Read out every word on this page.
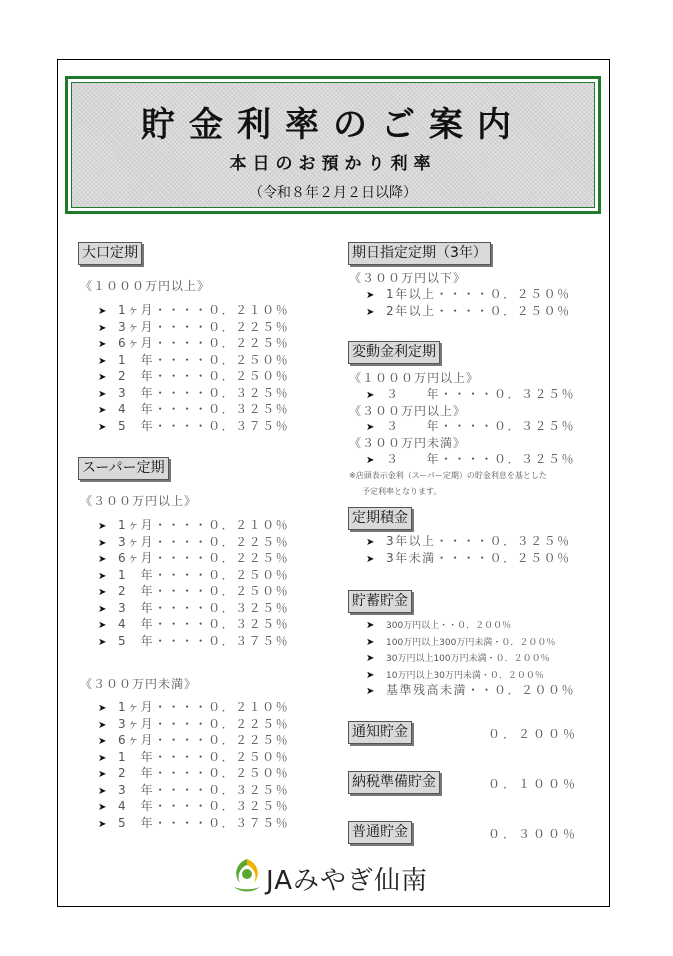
貯金利率のご案内
本日のお預かり利率
（令和８年２月２日以降）
大口定期
《１０００万円以上》
➤ 1ヶ月・・・・０．２１０％
➤ 3ヶ月・・・・０．２２５％
➤ 6ヶ月・・・・０．２２５％
➤ 1　年・・・・０．２５０％
➤ 2　年・・・・０．２５０％
➤ 3　年・・・・０．３２５％
➤ 4　年・・・・０．３２５％
➤ 5　年・・・・０．３７５％
スーパー定期
《３００万円以上》
➤ 1ヶ月・・・・０．２１０％
➤ 3ヶ月・・・・０．２２５％
➤ 6ヶ月・・・・０．２２５％
➤ 1　年・・・・０．２５０％
➤ 2　年・・・・０．２５０％
➤ 3　年・・・・０．３２５％
➤ 4　年・・・・０．３２５％
➤ 5　年・・・・０．３７５％
《３００万円未満》
➤ 1ヶ月・・・・０．２１０％
➤ 3ヶ月・・・・０．２２５％
➤ 6ヶ月・・・・０．２２５％
➤ 1　年・・・・０．２５０％
➤ 2　年・・・・０．２５０％
➤ 3　年・・・・０．３２５％
➤ 4　年・・・・０．３２５％
➤ 5　年・・・・０．３７５％
期日指定定期（3年）
《３００万円以下》
➤ 1年以上・・・・０．２５０％
➤ 2年以上・・・・０．２５０％
変動金利定期
《１０００万円以上》
➤ ３　　年・・・・０．３２５％
《３００万円以上》
➤ ３　　年・・・・０．３２５％
《３００万円未満》
➤ ３　　年・・・・０．３２５％
※店頭表示金利（スーパー定期）の貯金利息を基とした
予定利率となります。
定期積金
➤ 3年以上・・・・０．３２５％
➤ 3年未満・・・・０．２５０％
貯蓄貯金
➤ 300万円以上・・０．２００％
➤ 100万円以上300万円未満・０．２００％
➤ 30万円以上100万円未満・０．２００％
➤ 10万円以上30万円未満・０．２００％
➤ 基準残高未満・・０．２００％
通知貯金	０．２００％
納税準備貯金	０．１００％
普通貯金	０．３００％
JAみやぎ仙南
